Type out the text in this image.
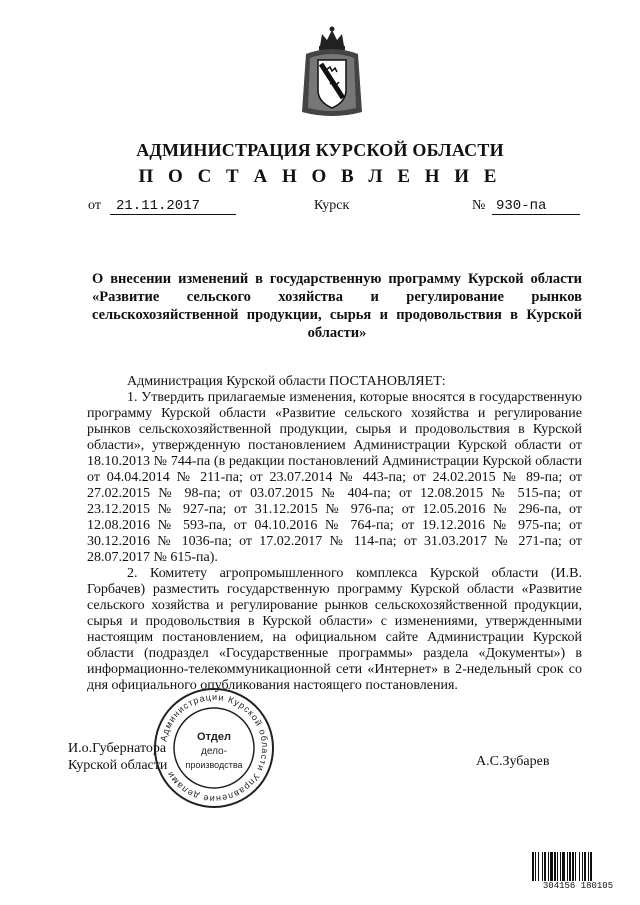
АДМИНИСТРАЦИЯ КУРСКОЙ ОБЛАСТИ
П О С Т А Н О В Л Е Н И Е
от	21.11.2017	Курск	№ 930-па
О внесении изменений в государственную программу Курской области «Развитие сельского хозяйства и регулирование рынков сельскохозяйственной продукции, сырья и продовольствия в Курской области»

Администрация Курской области ПОСТАНОВЛЯЕТ:

1. Утвердить прилагаемые изменения, которые вносятся в государственную программу Курской области «Развитие сельского хозяйства и регулирование рынков сельскохозяйственной продукции, сырья и продовольствия в Курской области», утвержденную постановлением Администрации Курской области от 18.10.2013 № 744-па (в редакции постановлений Администрации Курской области от 04.04.2014 № 211-па; от 23.07.2014 № 443-па; от 24.02.2015 № 89-па; от 27.02.2015 № 98-па; от 03.07.2015 № 404-па; от 12.08.2015 № 515-па; от 23.12.2015 № 927-па; от 31.12.2015 № 976-па; от 12.05.2016 № 296-па, от 12.08.2016 № 593-па, от 04.10.2016 № 764-па; от 19.12.2016 № 975-па; от 30.12.2016 № 1036-па; от 17.02.2017 № 114-па; от 31.03.2017 № 271-па; от 28.07.2017 № 615-па).

2. Комитету агропромышленного комплекса Курской области (И.В. Горбачев) разместить государственную программу Курской области «Развитие сельского хозяйства и регулирование рынков сельскохозяйственной продукции, сырья и продовольствия в Курской области» с изменениями, утвержденными настоящим постановлением, на официальном сайте Администрации Курской области (подраздел «Государственные программы» раздела «Документы») в информационно-телекоммуникационной сети «Интернет» в 2-недельный срок со дня официального опубликования настоящего постановления.

И.о.Губернатора
Курской области	А.С.Зубарев
Администрации Курской области Управление делами
Отдел
дело-
производства
304156 180105
